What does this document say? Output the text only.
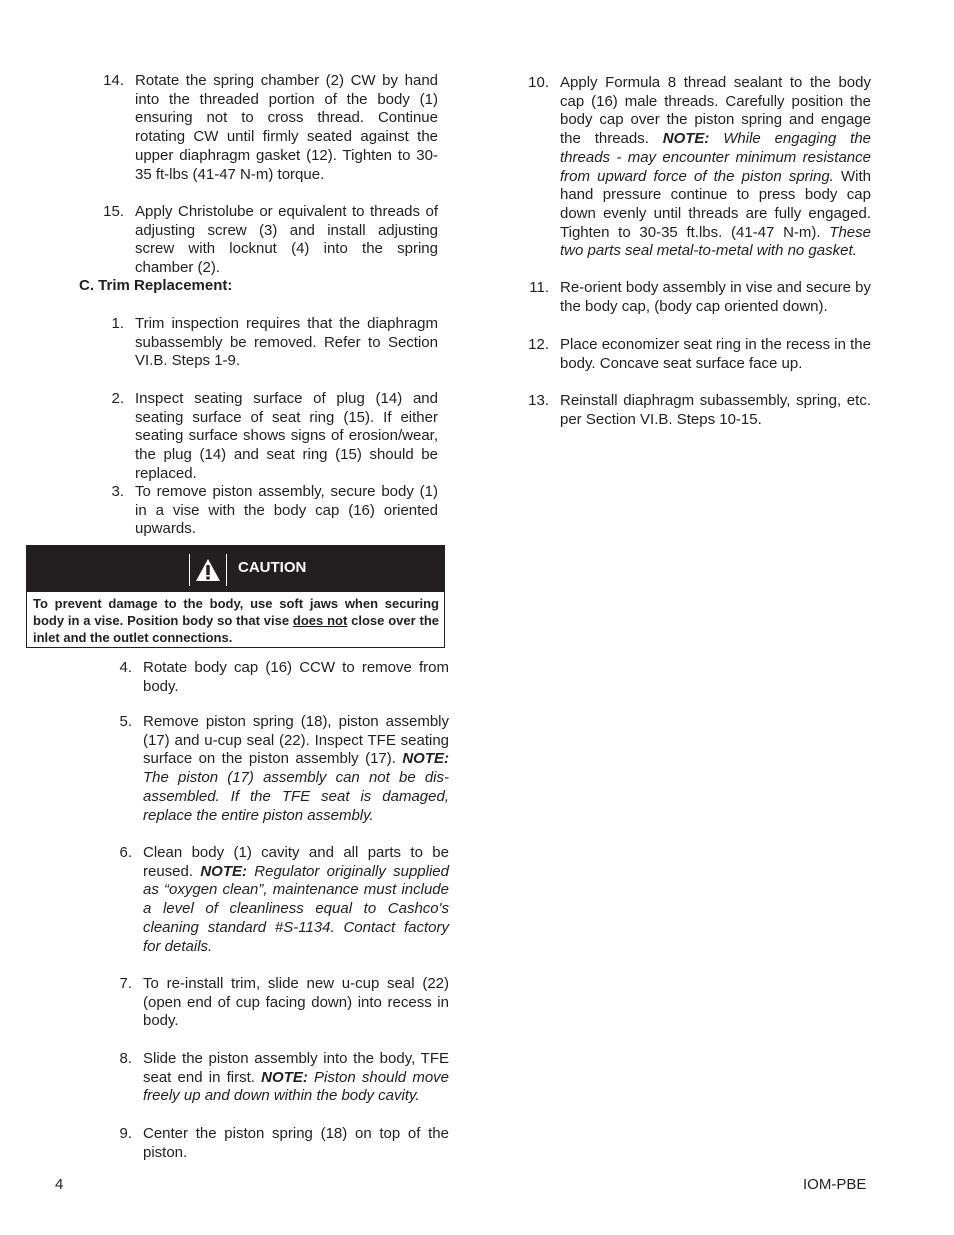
14. Rotate the spring chamber (2) CW by hand into the threaded portion of the body (1) ensuring not to cross thread. Continue rotating CW until firmly seated against the upper diaphragm gasket (12). Tighten to 30-35 ft-lbs (41-47 N-m) torque.
15. Apply Christolube or equivalent to threads of adjusting screw (3) and install adjusting screw with locknut (4) into the spring chamber (2).
C. Trim Replacement:
1. Trim inspection requires that the diaphragm subassembly be removed. Refer to Section VI.B. Steps 1-9.
2. Inspect seating surface of plug (14) and seating surface of seat ring (15). If either seating surface shows signs of erosion/wear, the plug (14) and seat ring (15) should be replaced.
3. To remove piston assembly, secure body (1) in a vise with the body cap (16) oriented upwards.
CAUTION
To prevent damage to the body, use soft jaws when securing body in a vise. Position body so that vise does not close over the inlet and the outlet connections.
4. Rotate body cap (16) CCW to remove from body.
5. Remove piston spring (18), piston assembly (17) and u-cup seal (22). Inspect TFE seating surface on the piston assembly (17). NOTE: The piston (17) assembly can not be dis-assembled. If the TFE seat is damaged, replace the entire piston assembly.
6. Clean body (1) cavity and all parts to be reused. NOTE: Regulator originally supplied as “oxygen clean”, maintenance must include a level of cleanliness equal to Cashco's cleaning standard #S-1134. Contact factory for details.
7. To re-install trim, slide new u-cup seal (22) (open end of cup facing down) into recess in body.
8. Slide the piston assembly into the body, TFE seat end in first. NOTE: Piston should move freely up and down within the body cavity.
9. Center the piston spring (18) on top of the piston.
10. Apply Formula 8 thread sealant to the body cap (16) male threads. Carefully position the body cap over the piston spring and engage the threads. NOTE: While engaging the threads - may encounter minimum resistance from upward force of the piston spring. With hand pressure continue to press body cap down evenly until threads are fully engaged. Tighten to 30-35 ft.lbs. (41-47 N-m). These two parts seal metal-to-metal with no gasket.
11. Re-orient body assembly in vise and secure by the body cap, (body cap oriented down).
12. Place economizer seat ring in the recess in the body. Concave seat surface face up.
13. Reinstall diaphragm subassembly, spring, etc. per Section VI.B. Steps 10-15.
4	IOM-PBE
